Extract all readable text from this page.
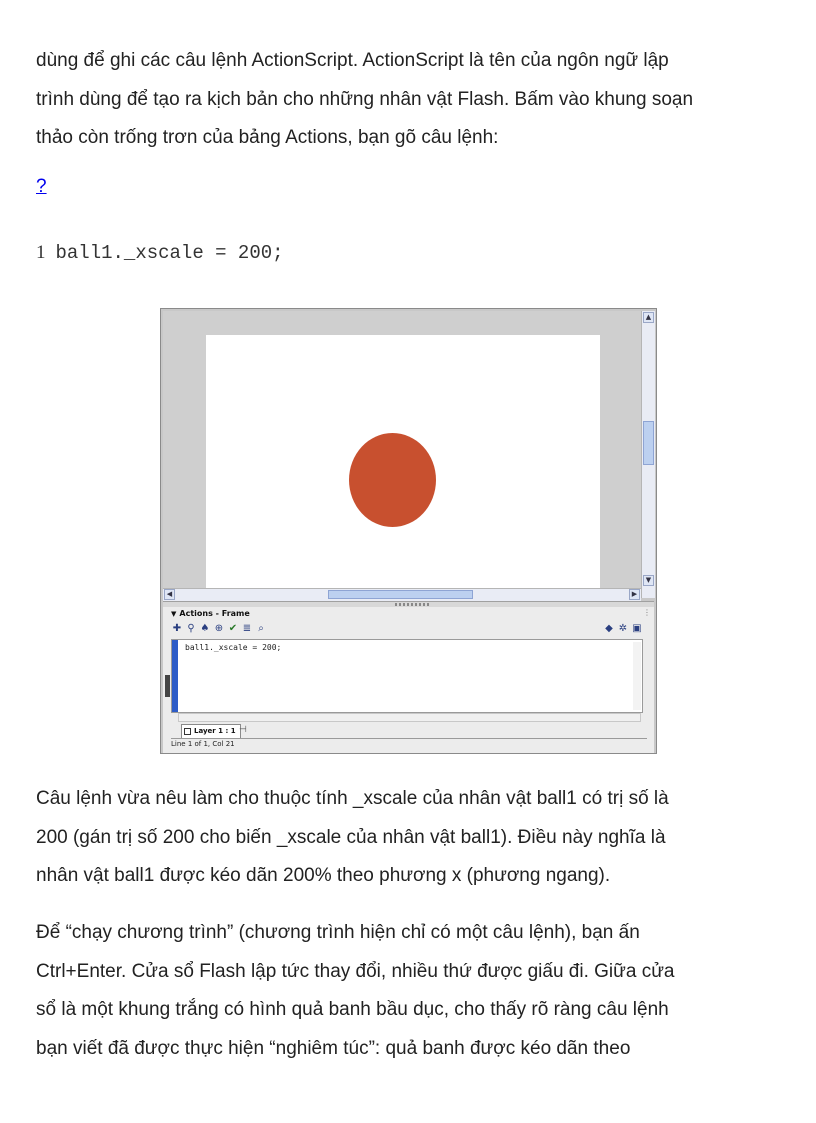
dùng để ghi các câu lệnh ActionScript. ActionScript là tên của ngôn ngữ lập
trình dùng để tạo ra kịch bản cho những nhân vật Flash. Bấm vào khung soạn
thảo còn trống trơn của bảng Actions, bạn gõ câu lệnh:
?
1 ball1._xscale = 200;
▲
▼
◀	▶
▼ Actions - Frame	⋮
✚ ⚲ ♠ ⊕ ✔ ≣ ⌕	◆ ✲ ▣
ball1._xscale = 200;
Layer 1 : 1 ⊣
Line 1 of 1, Col 21
Câu lệnh vừa nêu làm cho thuộc tính _xscale của nhân vật ball1 có trị số là
200 (gán trị số 200 cho biến _xscale của nhân vật ball1). Điều này nghĩa là
nhân vật ball1 được kéo dãn 200% theo phương x (phương ngang).
Để “chạy chương trình” (chương trình hiện chỉ có một câu lệnh), bạn ấn
Ctrl+Enter. Cửa sổ Flash lập tức thay đổi, nhiều thứ được giấu đi. Giữa cửa
sổ là một khung trắng có hình quả banh bầu dục, cho thấy rõ ràng câu lệnh
bạn viết đã được thực hiện “nghiêm túc”: quả banh được kéo dãn theo
